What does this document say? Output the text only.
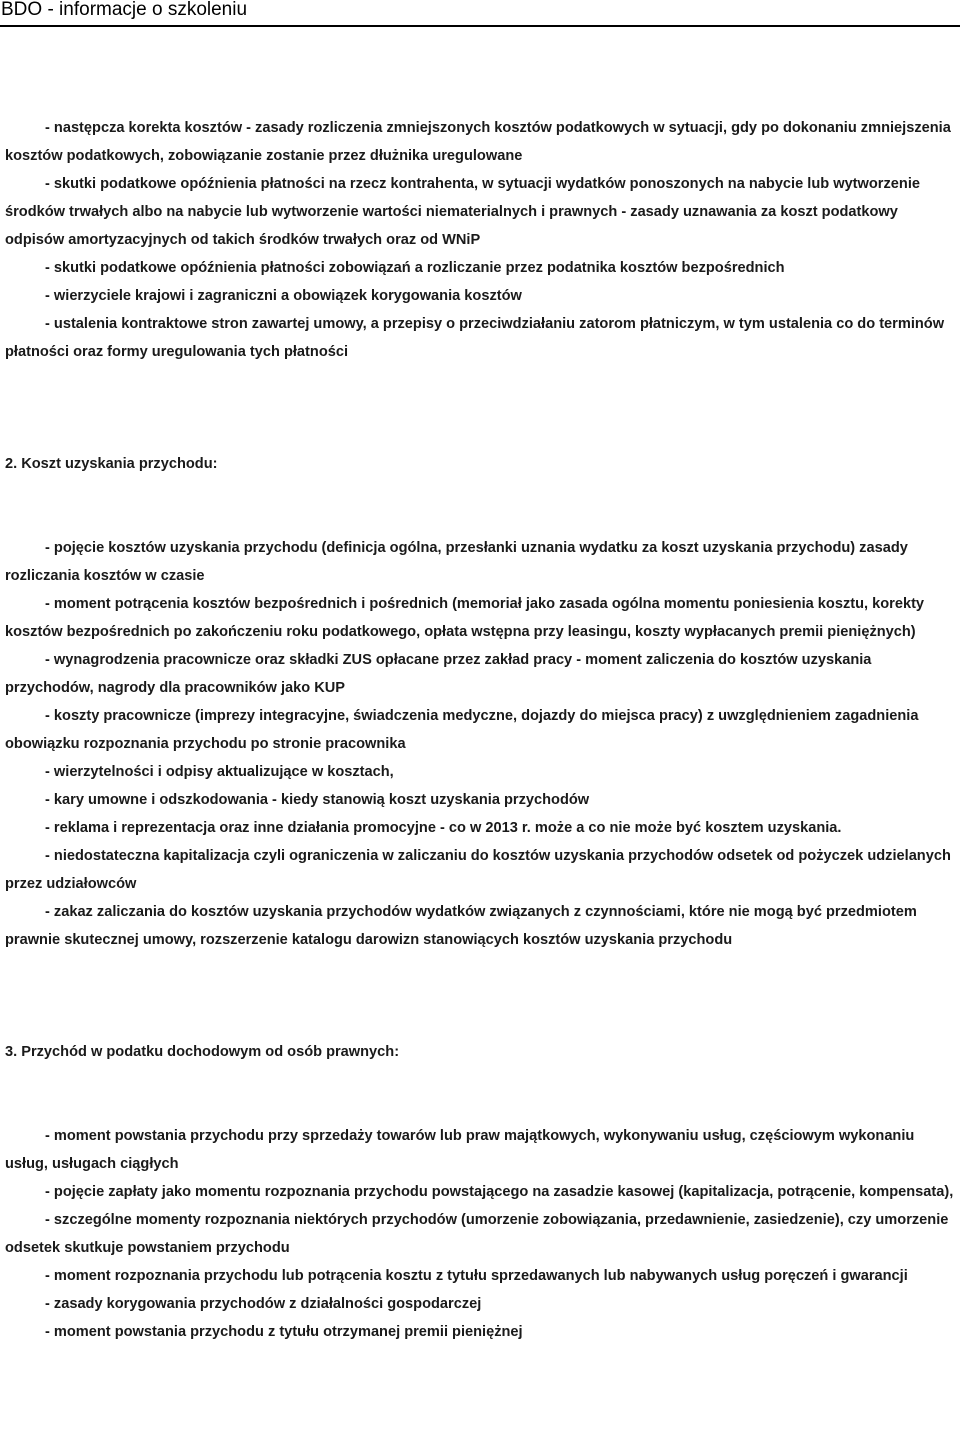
BDO - informacje o szkoleniu

- następcza korekta kosztów - zasady rozliczenia zmniejszonych kosztów podatkowych w sytuacji, gdy po dokonaniu zmniejszenia kosztów podatkowych, zobowiązanie zostanie przez dłużnika uregulowane

- skutki podatkowe opóźnienia płatności na rzecz kontrahenta, w sytuacji wydatków ponoszonych na nabycie lub wytworzenie środków trwałych albo na nabycie lub wytworzenie wartości niematerialnych i prawnych - zasady uznawania za koszt podatkowy odpisów amortyzacyjnych od takich środków trwałych oraz od WNiP

- skutki podatkowe opóźnienia płatności zobowiązań a rozliczanie przez podatnika kosztów bezpośrednich

- wierzyciele krajowi i zagraniczni a obowiązek korygowania kosztów

- ustalenia kontraktowe stron zawartej umowy, a przepisy o przeciwdziałaniu zatorom płatniczym, w tym ustalenia co do terminów płatności oraz formy uregulowania tych płatności

2. Koszt uzyskania przychodu:

- pojęcie kosztów uzyskania przychodu (definicja ogólna, przesłanki uznania wydatku za koszt uzyskania przychodu) zasady rozliczania kosztów w czasie

- moment potrącenia kosztów bezpośrednich i pośrednich (memoriał jako zasada ogólna momentu poniesienia kosztu, korekty kosztów bezpośrednich po zakończeniu roku podatkowego, opłata wstępna przy leasingu, koszty wypłacanych premii pieniężnych)

- wynagrodzenia pracownicze oraz składki ZUS opłacane przez zakład pracy - moment zaliczenia do kosztów uzyskania przychodów, nagrody dla pracowników jako KUP

- koszty pracownicze (imprezy integracyjne, świadczenia medyczne, dojazdy do miejsca pracy) z uwzględnieniem zagadnienia obowiązku rozpoznania przychodu po stronie pracownika

- wierzytelności i odpisy aktualizujące w kosztach,

- kary umowne i odszkodowania - kiedy stanowią koszt uzyskania przychodów

- reklama i reprezentacja oraz inne działania promocyjne - co w 2013 r. może a co nie może być kosztem uzyskania.

- niedostateczna kapitalizacja czyli ograniczenia w zaliczaniu do kosztów uzyskania przychodów odsetek od pożyczek udzielanych przez udziałowców

- zakaz zaliczania do kosztów uzyskania przychodów wydatków związanych z czynnościami, które nie mogą być przedmiotem prawnie skutecznej umowy, rozszerzenie katalogu darowizn stanowiących kosztów uzyskania przychodu

3. Przychód w podatku dochodowym od osób prawnych:

- moment powstania przychodu przy sprzedaży towarów lub praw majątkowych, wykonywaniu usług, częściowym wykonaniu usług, usługach ciągłych

- pojęcie zapłaty jako momentu rozpoznania przychodu powstającego na zasadzie kasowej (kapitalizacja, potrącenie, kompensata),

- szczególne momenty rozpoznania niektórych przychodów (umorzenie zobowiązania, przedawnienie, zasiedzenie), czy umorzenie odsetek skutkuje powstaniem przychodu

- moment rozpoznania przychodu lub potrącenia kosztu z tytułu sprzedawanych lub nabywanych usług poręczeń i gwarancji

- zasady korygowania przychodów z działalności gospodarczej

- moment powstania przychodu z tytułu otrzymanej premii pieniężnej
